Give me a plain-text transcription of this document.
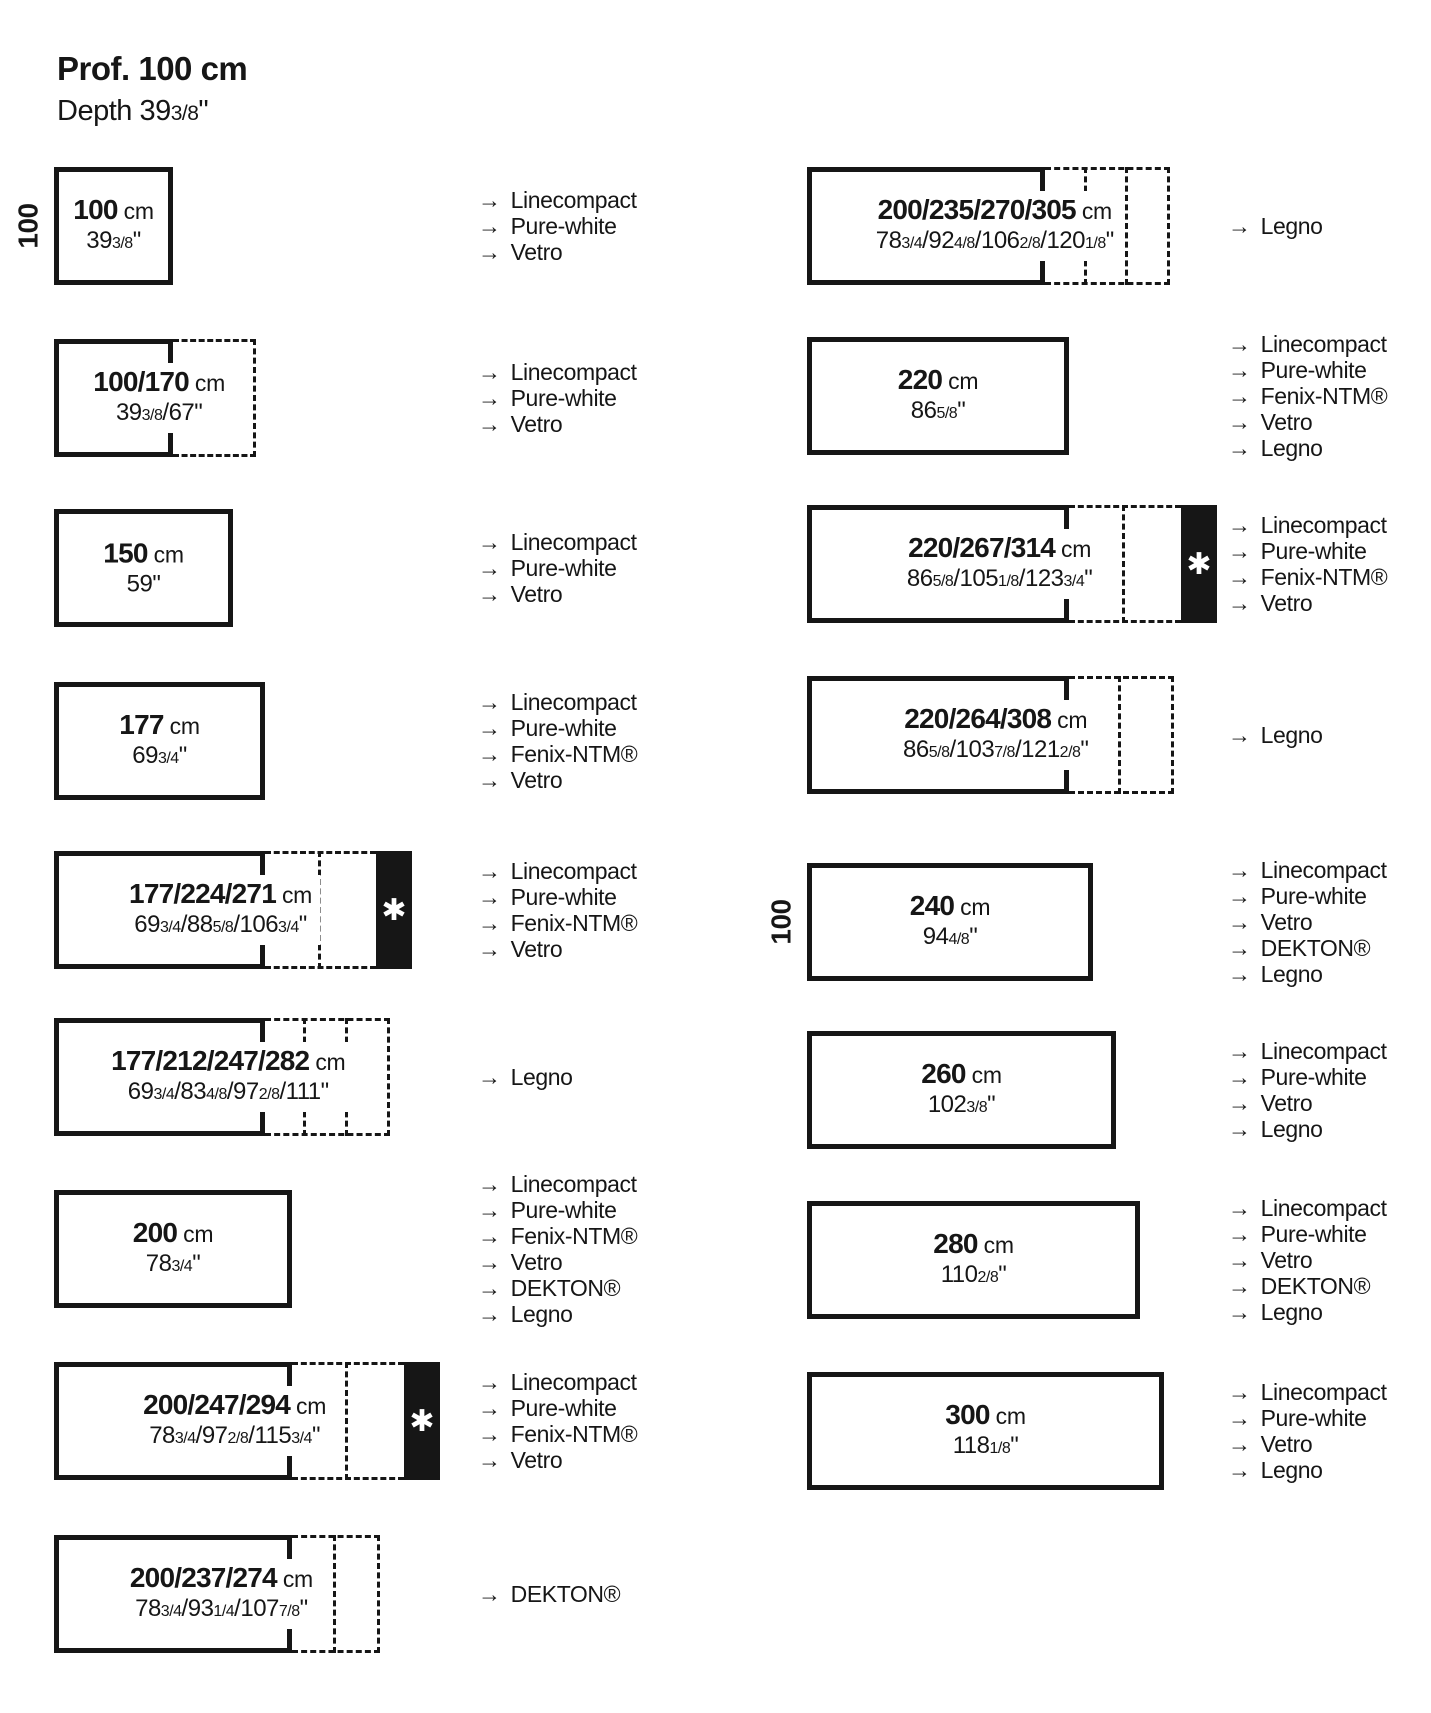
Prof. 100 cm
Depth 393/8"
100 cm
393/8"
100
→ Linecompact
→ Pure-white
→ Vetro
100/170 cm
393/8/67"
→ Linecompact
→ Pure-white
→ Vetro
150 cm
59"
→ Linecompact
→ Pure-white
→ Vetro
177 cm
693/4"
→ Linecompact
→ Pure-white
→ Fenix-NTM®
→ Vetro
✱
177/224/271 cm
693/4/885/8/1063/4"
→ Linecompact
→ Pure-white
→ Fenix-NTM®
→ Vetro
177/212/247/282 cm
693/4/834/8/972/8/111"
→ Legno
200 cm
783/4"
→ Linecompact
→ Pure-white
→ Fenix-NTM®
→ Vetro
→ DEKTON®
→ Legno
✱
200/247/294 cm
783/4/972/8/1153/4"
→ Linecompact
→ Pure-white
→ Fenix-NTM®
→ Vetro
200/237/274 cm
783/4/931/4/1077/8"
→ DEKTON®
200/235/270/305 cm
783/4/924/8/1062/8/1201/8"
→ Legno
220 cm
865/8"
→ Linecompact
→ Pure-white
→ Fenix-NTM®
→ Vetro
→ Legno
✱
220/267/314 cm
865/8/1051/8/1233/4"
→ Linecompact
→ Pure-white
→ Fenix-NTM®
→ Vetro
220/264/308 cm
865/8/1037/8/1212/8"
→ Legno
240 cm
944/8"
100
→ Linecompact
→ Pure-white
→ Vetro
→ DEKTON®
→ Legno
260 cm
1023/8"
→ Linecompact
→ Pure-white
→ Vetro
→ Legno
280 cm
1102/8"
→ Linecompact
→ Pure-white
→ Vetro
→ DEKTON®
→ Legno
300 cm
1181/8"
→ Linecompact
→ Pure-white
→ Vetro
→ Legno
